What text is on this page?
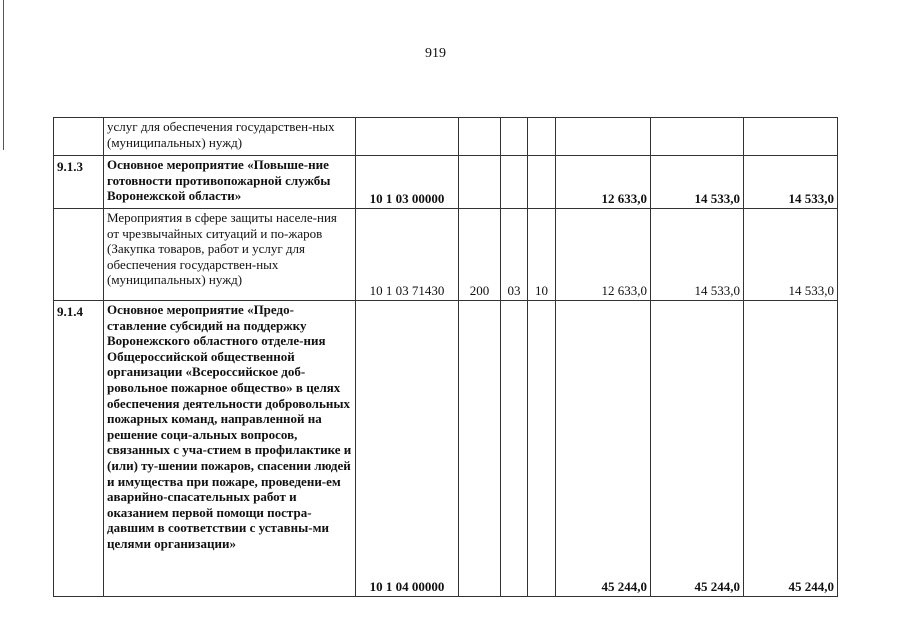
919
	услуг для обеспечения государствен-ных (муниципальных) нужд)							
9.1.3	Основное мероприятие «Повыше-ние готовности противопожарной службы Воронежской области»	10 1 03 00000				12 633,0	14 533,0	14 533,0
	Мероприятия в сфере защиты населе-ния от чрезвычайных ситуаций и по-жаров (Закупка товаров, работ и услуг для обеспечения государствен-ных (муниципальных) нужд)	10 1 03 71430	200	03	10	12 633,0	14 533,0	14 533,0
9.1.4	Основное мероприятие «Предо-ставление субсидий на поддержку Воронежского областного отделе-ния Общероссийской общественной организации «Всероссийское доб-ровольное пожарное общество» в целях обеспечения деятельности добровольных пожарных команд, направленной на решение соци-альных вопросов, связанных с уча-стием в профилактике и (или) ту-шении пожаров, спасении людей и имущества при пожаре, проведени-ем аварийно-спасательных работ и оказанием первой помощи постра-давшим в соответствии с уставны-ми целями организации»	10 1 04 00000				45 244,0	45 244,0	45 244,0
